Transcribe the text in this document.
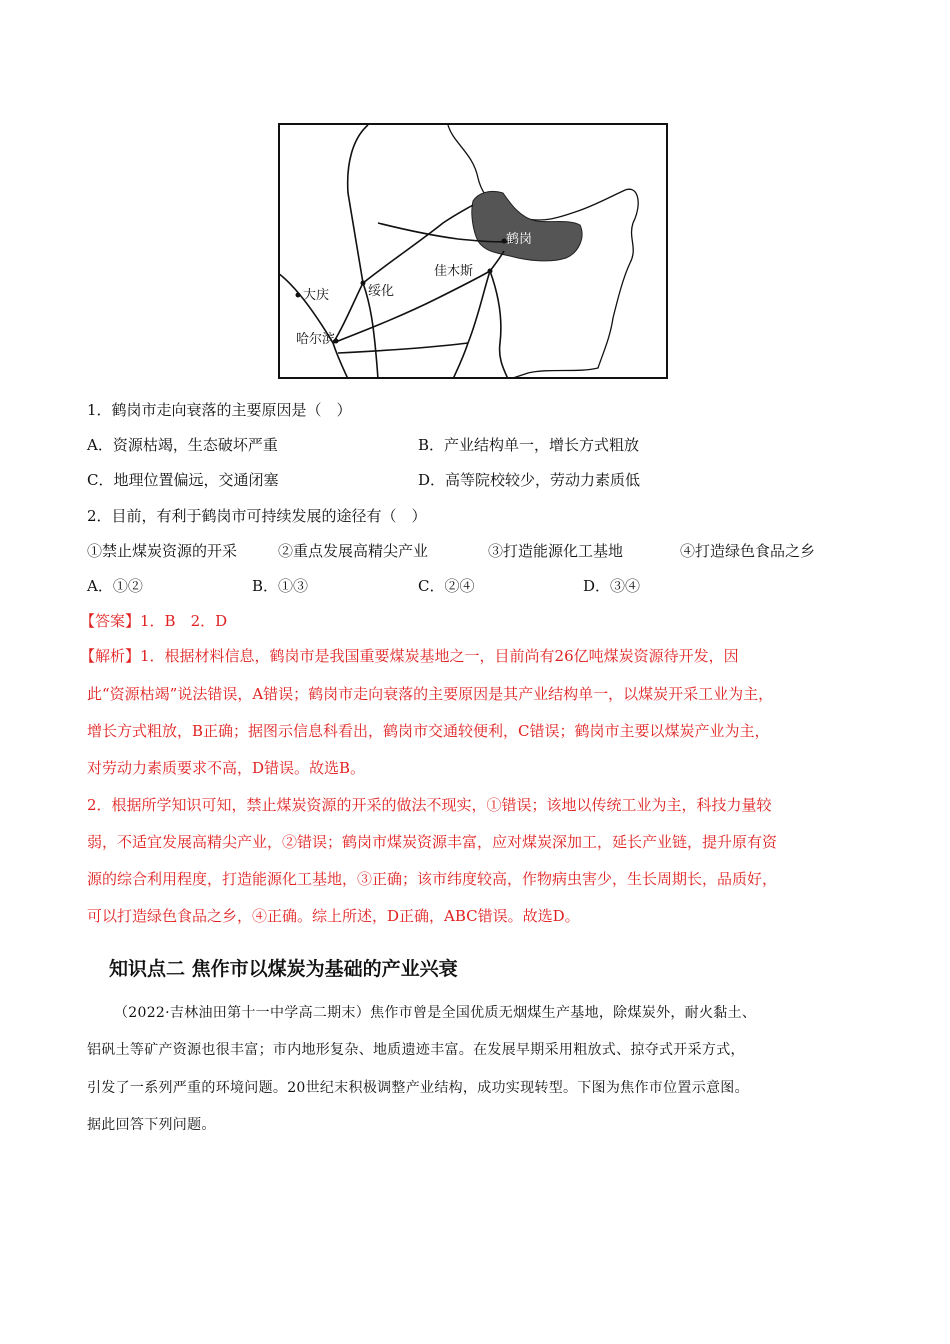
鹤岗
佳木斯
绥化
大庆
哈尔滨
1．鹤岗市走向衰落的主要原因是（　）
A．资源枯竭，生态破坏严重	B．产业结构单一，增长方式粗放
C．地理位置偏远，交通闭塞	D．高等院校较少，劳动力素质低
2．目前，有利于鹤岗市可持续发展的途径有（　）
①禁止煤炭资源的开采	②重点发展高精尖产业	③打造能源化工基地	④打造绿色食品之乡
A．①②	B．①③	C．②④	D．③④
【答案】1．B　2．D
【解析】1．根据材料信息，鹤岗市是我国重要煤炭基地之一，目前尚有26亿吨煤炭资源待开发，因
此“资源枯竭”说法错误，A错误；鹤岗市走向衰落的主要原因是其产业结构单一，以煤炭开采工业为主，
增长方式粗放，B正确；据图示信息科看出，鹤岗市交通较便利，C错误；鹤岗市主要以煤炭产业为主，
对劳动力素质要求不高，D错误。故选B。
2．根据所学知识可知，禁止煤炭资源的开采的做法不现实，①错误；该地以传统工业为主，科技力量较
弱，不适宜发展高精尖产业，②错误；鹤岗市煤炭资源丰富，应对煤炭深加工，延长产业链，提升原有资
源的综合利用程度，打造能源化工基地，③正确；该市纬度较高，作物病虫害少，生长周期长，品质好，
可以打造绿色食品之乡，④正确。综上所述，D正确，ABC错误。故选D。
知识点二 焦作市以煤炭为基础的产业兴衰
（2022·吉林油田第十一中学高二期末）焦作市曾是全国优质无烟煤生产基地，除煤炭外，耐火黏土、
铝矾土等矿产资源也很丰富；市内地形复杂、地质遗迹丰富。在发展早期采用粗放式、掠夺式开采方式，
引发了一系列严重的环境问题。20世纪末积极调整产业结构，成功实现转型。下图为焦作市位置示意图。
据此回答下列问题。
